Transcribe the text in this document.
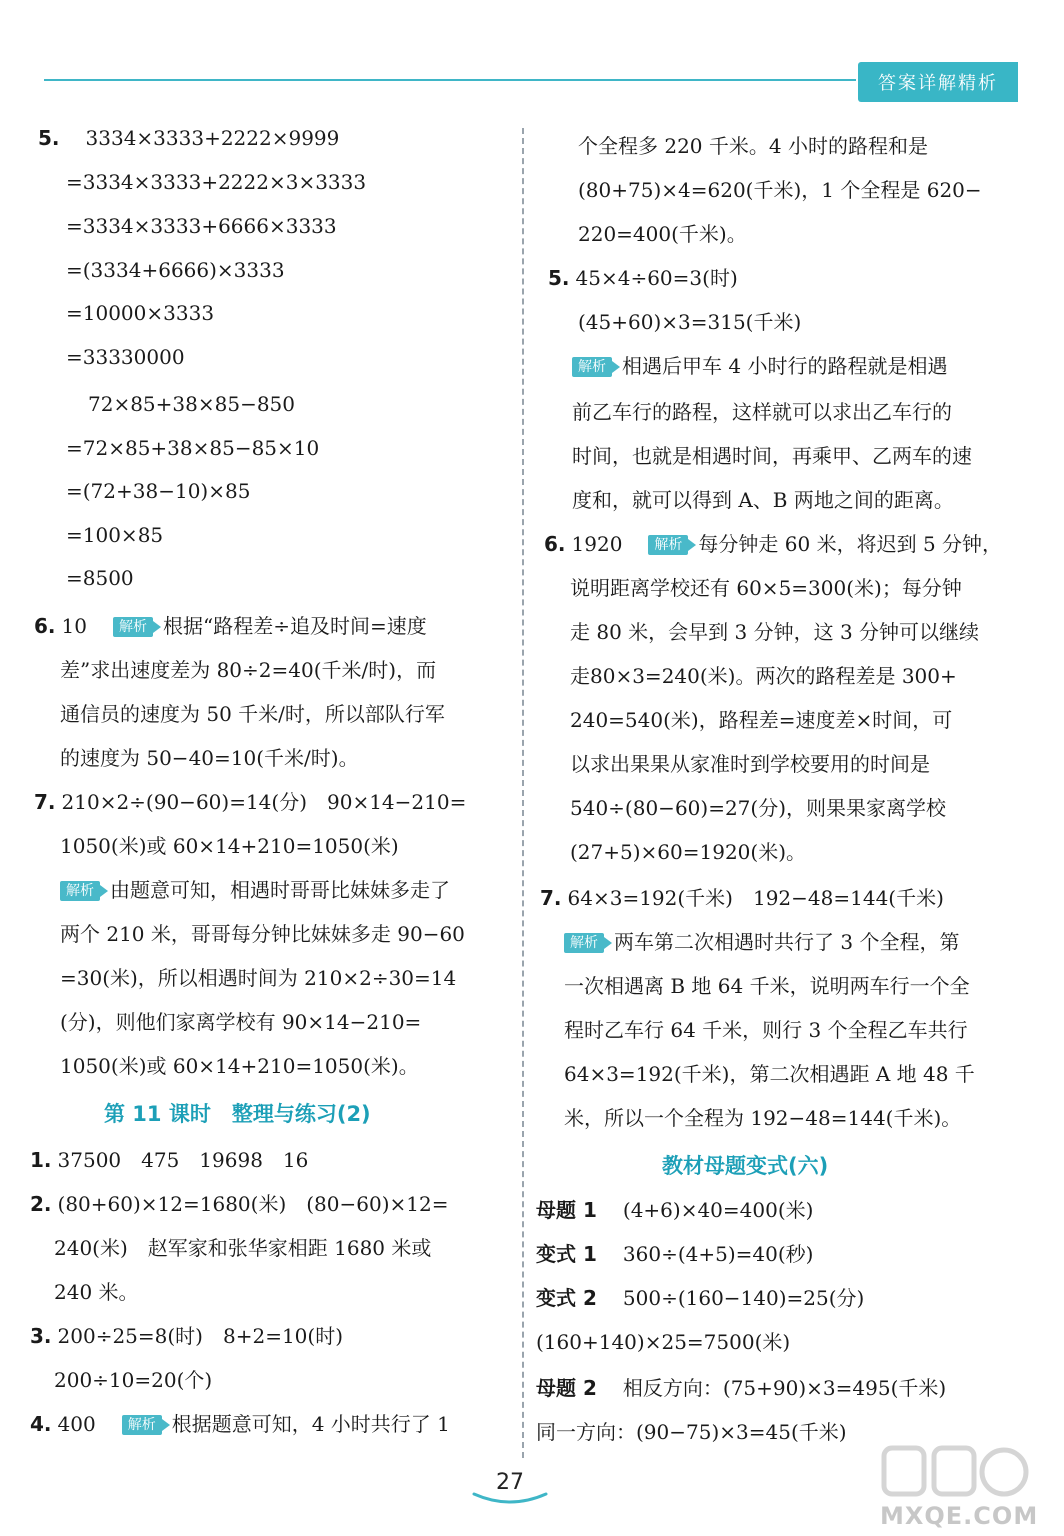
答案详解精析
5.　 3334×3333+2222×9999
=3334×3333+2222×3×3333
=3334×3333+6666×3333
=(3334+6666)×3333
=10000×3333
=33330000
72×85+38×85−850
=72×85+38×85−85×10
=(72+38−10)×85
=100×85
=8500
6. 10　 解析 根据“路程差÷追及时间=速度
差”求出速度差为 80÷2=40(千米/时)，而
通信员的速度为 50 千米/时，所以部队行军
的速度为 50−40=10(千米/时)。
7. 210×2÷(90−60)=14(分)　90×14−210=
1050(米)或 60×14+210=1050(米)
解析 由题意可知，相遇时哥哥比妹妹多走了
两个 210 米，哥哥每分钟比妹妹多走 90−60
=30(米)，所以相遇时间为 210×2÷30=14
(分)，则他们家离学校有 90×14−210=
1050(米)或 60×14+210=1050(米)。
第 11 课时　整理与练习(2)
1. 37500　475　19698　16
2. (80+60)×12=1680(米)　(80−60)×12=
240(米)　赵军家和张华家相距 1680 米或
240 米。
3. 200÷25=8(时)　8+2=10(时)
200÷10=20(个)
4. 400　 解析 根据题意可知，4 小时共行了 1
个全程多 220 千米。4 小时的路程和是
(80+75)×4=620(千米)，1 个全程是 620−
220=400(千米)。
5. 45×4÷60=3(时)
(45+60)×3=315(千米)
解析 相遇后甲车 4 小时行的路程就是相遇
前乙车行的路程，这样就可以求出乙车行的
时间，也就是相遇时间，再乘甲、乙两车的速
度和，就可以得到 A、B 两地之间的距离。
6. 1920　 解析 每分钟走 60 米，将迟到 5 分钟，
说明距离学校还有 60×5=300(米)；每分钟
走 80 米，会早到 3 分钟，这 3 分钟可以继续
走80×3=240(米)。两次的路程差是 300+
240=540(米)，路程差=速度差×时间，可
以求出果果从家准时到学校要用的时间是
540÷(80−60)=27(分)，则果果家离学校
(27+5)×60=1920(米)。
7. 64×3=192(千米)　192−48=144(千米)
解析 两车第二次相遇时共行了 3 个全程，第
一次相遇离 B 地 64 千米，说明两车行一个全
程时乙车行 64 千米，则行 3 个全程乙车共行
64×3=192(千米)，第二次相遇距 A 地 48 千
米，所以一个全程为 192−48=144(千米)。
教材母题变式(六)
母题 1　 (4+6)×40=400(米)
变式 1　 360÷(4+5)=40(秒)
变式 2　 500÷(160−140)=25(分)
(160+140)×25=7500(米)
母题 2　 相反方向：(75+90)×3=495(千米)
同一方向：(90−75)×3=45(千米)
27
MXQE.COM
